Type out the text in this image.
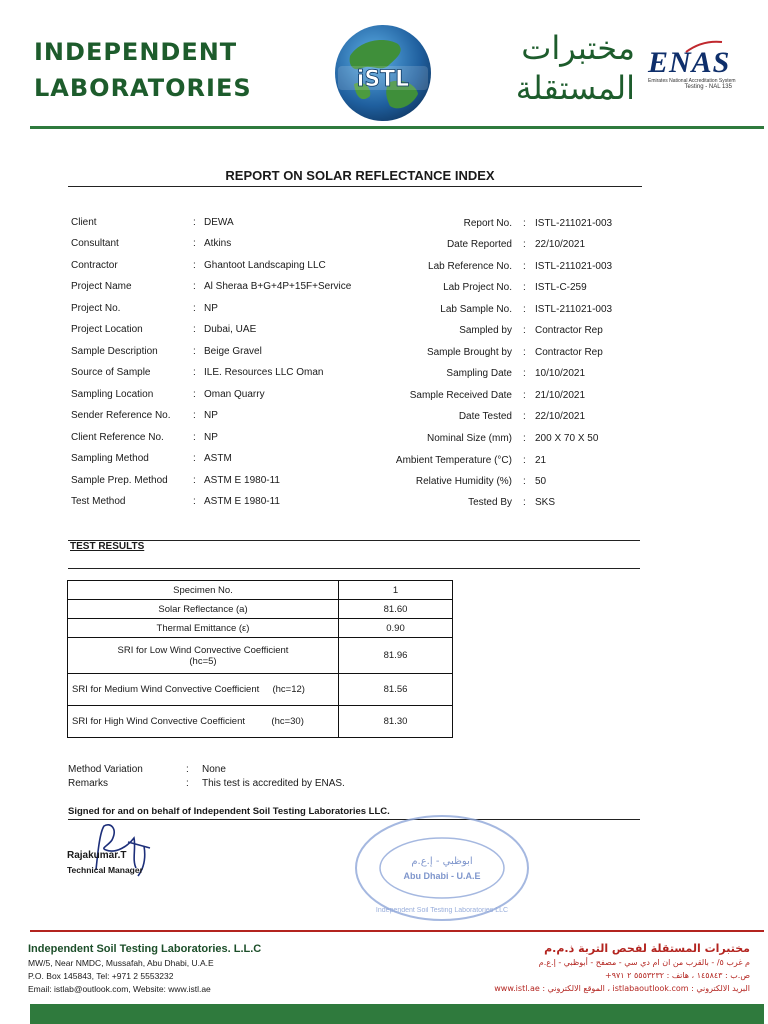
INDEPENDENT
LABORATORIES	iSTL
مختبرات
المستقلة
ENAS
Emirates National Accreditation System
Testing - NAL 135
REPORT ON SOLAR REFLECTANCE INDEX
Client	: DEWA
Consultant	: Atkins
Contractor	: Ghantoot Landscaping LLC
Project Name	: Al Sheraa B+G+4P+15F+Service
Project No.	: NP
Project Location	: Dubai, UAE
Sample Description	: Beige Gravel
Source of Sample	: ILE. Resources LLC Oman
Sampling Location	: Oman Quarry
Sender Reference No. : NP
Client Reference No.	: NP
Sampling Method	: ASTM
Sample Prep. Method	: ASTM E 1980-11
Test Method	: ASTM E 1980-11
Report No. : ISTL-211021-003
Date Reported : 22/10/2021
Lab Reference No. : ISTL-211021-003
Lab Project No. : ISTL-C-259
Lab Sample No. : ISTL-211021-003
Sampled by : Contractor Rep
Sample Brought by : Contractor Rep
Sampling Date : 10/10/2021
Sample Received Date : 21/10/2021
Date Tested : 22/10/2021
Nominal Size (mm) : 200 X 70 X 50
Ambient Temperature (°C) : 21
Relative Humidity (%) : 50
Tested By : SKS
TEST RESULTS
Specimen No.	1
Solar Reflectance (a)	81.60
Thermal Emittance (ε)	0.90
SRI for Low Wind Convective Coefficient (hc=5)	81.96
SRI for Medium Wind Convective Coefficient     (hc=12)	81.56
SRI for High Wind Convective Coefficient          (hc=30)	81.30
Method Variation	: None
Remarks	: This test is accredited by ENAS.
Signed for and on behalf of Independent Soil Testing Laboratories LLC.
Rajakumar.T
Technical Manager
ابوظبي - إ.ع.م
Abu Dhabi - U.A.E
Independent Soil Testing Laboratories LLC
Independent Soil Testing Laboratories. L.L.C
MW/5, Near NMDC, Mussafah, Abu Dhabi, U.A.E
P.O. Box 145843, Tel: +971 2 5553232
Email: istlab@outlook.com, Website: www.istl.ae
مختبرات المستقلة لفحص التربة ذ.م.م
م غرب ٥/ - بالقرب من ان ام دي سي - مصفح - أبوظبي - إ.ع.م
ص.ب : ١٤٥٨٤٣ ، هاتف : ٥٥٥٣٢٣٢ ٢ ٩٧١+
البريد الالكتروني : istlabaoutlook.com ، الموقع الالكتروني : www.istl.ae
